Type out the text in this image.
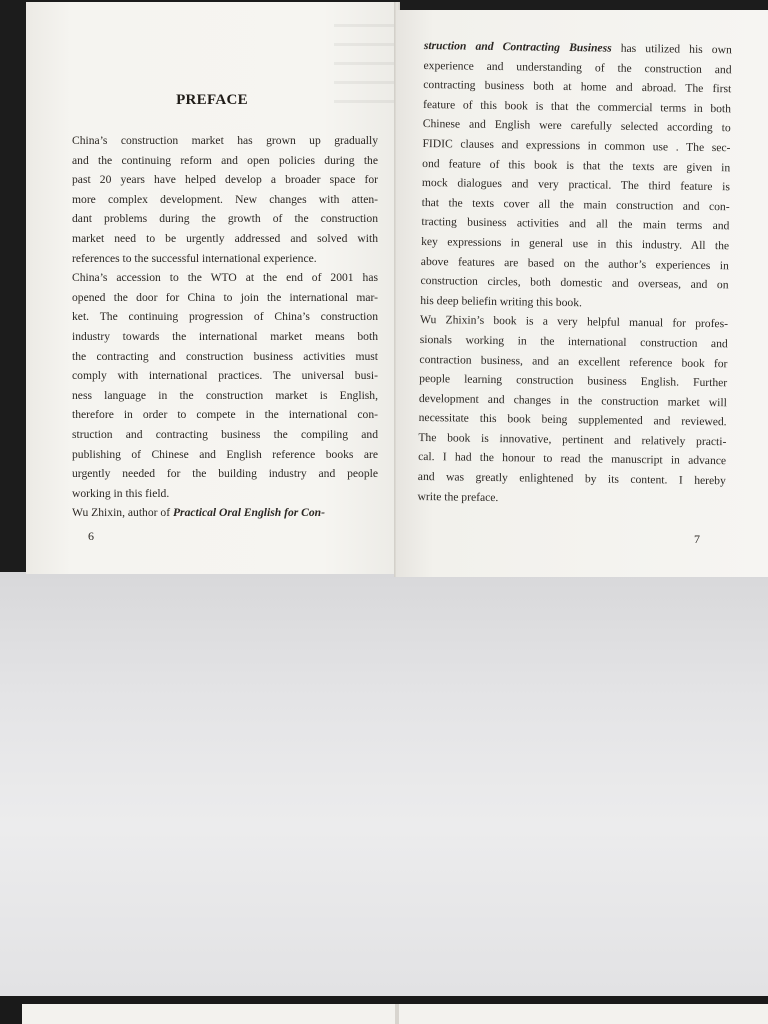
PREFACE
China’s construction market has grown up gradually
and the continuing reform and open policies during the
past 20 years have helped develop a broader space for
more complex development. New changes with atten-
dant problems during the growth of the construction
market need to be urgently addressed and solved with
references to the successful international experience.
China’s accession to the WTO at the end of 2001 has
opened the door for China to join the international mar-
ket. The continuing progression of China’s construction
industry towards the international market means both
the contracting and construction business activities must
comply with international practices. The universal busi-
ness language in the construction market is English,
therefore in order to compete in the international con-
struction and contracting business the compiling and
publishing of Chinese and English reference books are
urgently needed for the building industry and people
working in this field.
Wu Zhixin, author of Practical Oral English for Con-
6
struction and Contracting Business has utilized his own
experience and understanding of the construction and
contracting business both at home and abroad. The first
feature of this book is that the commercial terms in both
Chinese and English were carefully selected according to
FIDIC clauses and expressions in common use . The sec-
ond feature of this book is that the texts are given in
mock dialogues and very practical. The third feature is
that the texts cover all the main construction and con-
tracting business activities and all the main terms and
key expressions in general use in this industry. All the
above features are based on the author’s experiences in
construction circles, both domestic and overseas, and on
his deep beliefin writing this book.
Wu Zhixin’s book is a very helpful manual for profes-
sionals working in the international construction and
contraction business, and an excellent reference book for
people learning construction business English. Further
development and changes in the construction market will
necessitate this book being supplemented and reviewed.
The book is innovative, pertinent and relatively practi-
cal. I had the honour to read the manuscript in advance
and was greatly enlightened by its content. I hereby
write the preface.
7
